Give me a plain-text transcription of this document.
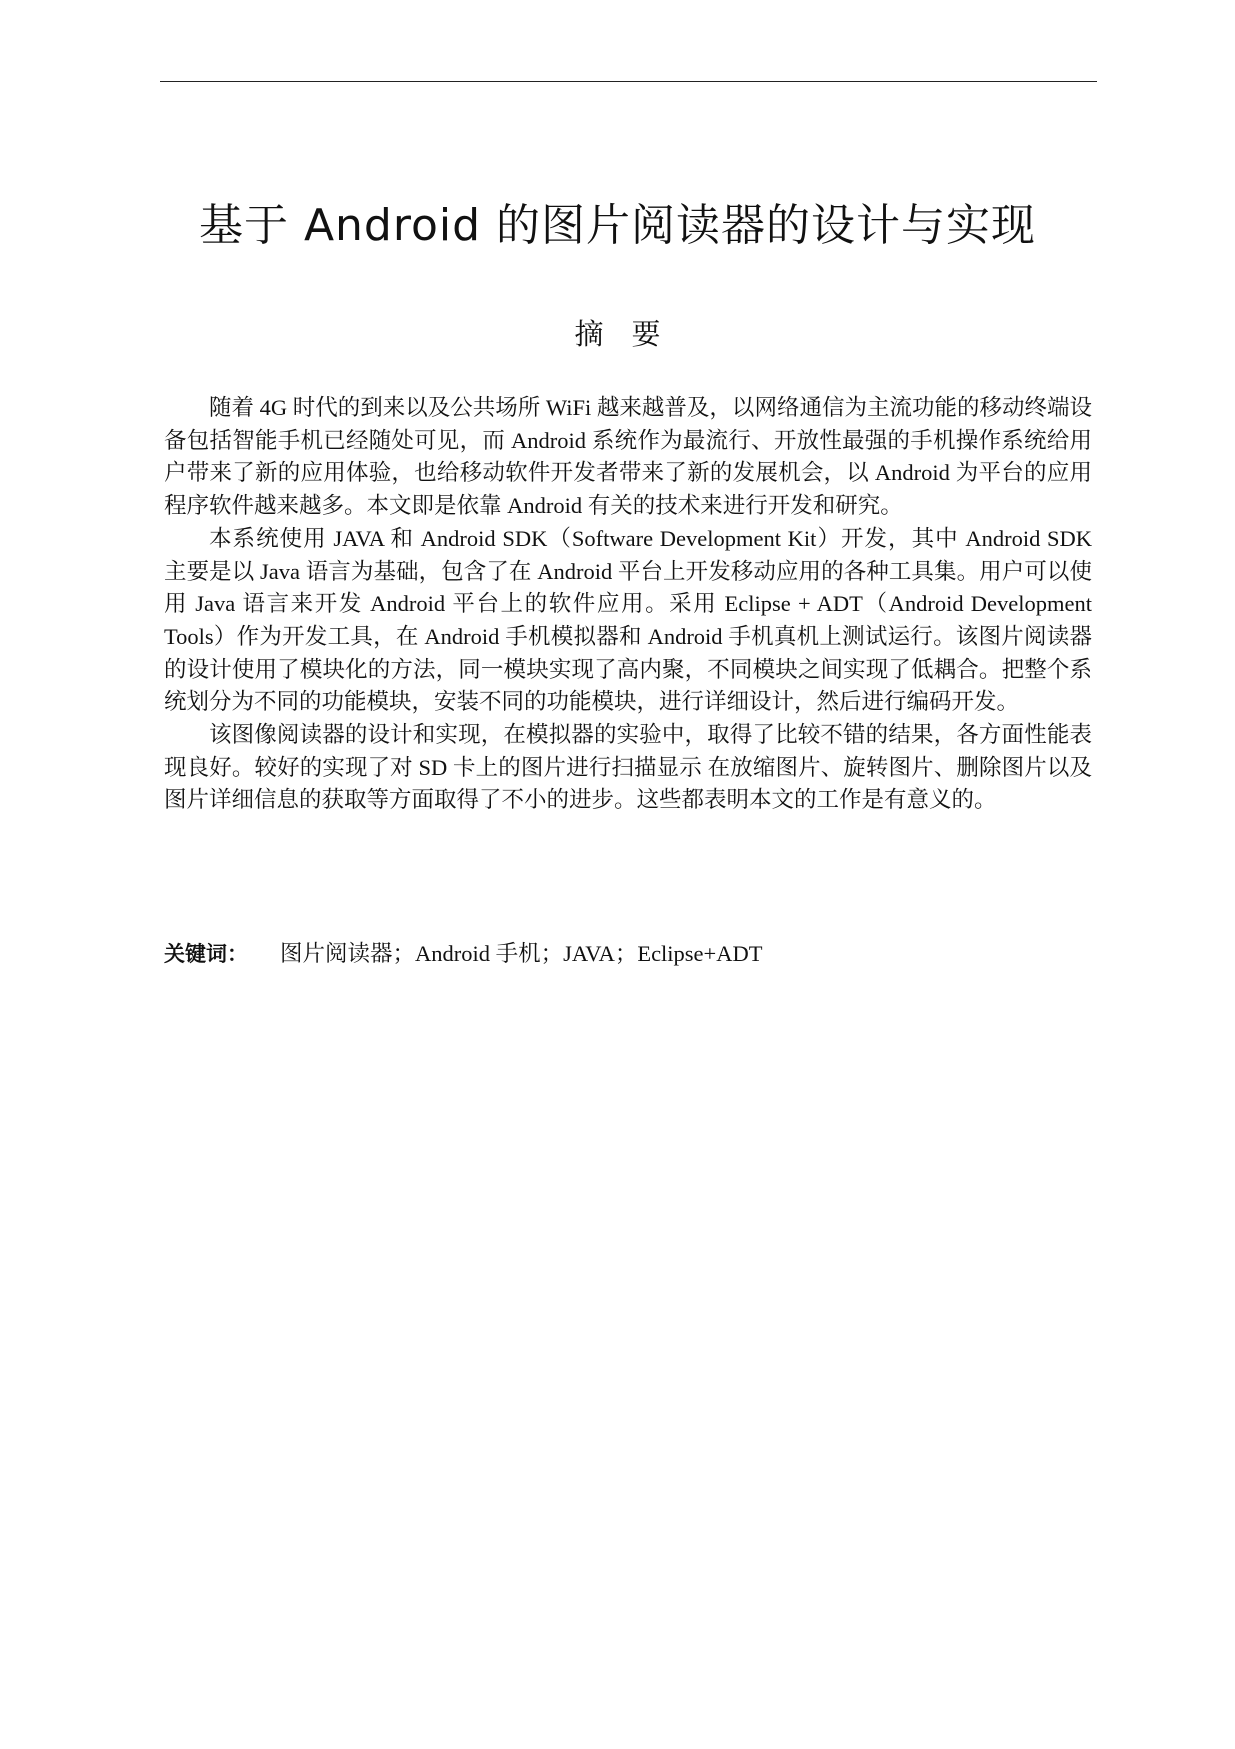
基于 Android 的图片阅读器的设计与实现
摘要

随着 4G 时代的到来以及公共场所 WiFi 越来越普及，以网络通信为主流功能的移动终端设备包括智能手机已经随处可见，而 Android 系统作为最流行、开放性最强的手机操作系统给用户带来了新的应用体验，也给移动软件开发者带来了新的发展机会，以 Android 为平台的应用程序软件越来越多。本文即是依靠 Android 有关的技术来进行开发和研究。

本系统使用 JAVA 和 Android SDK（Software Development Kit）开发，其中 Android SDK 主要是以 Java 语言为基础，包含了在 Android 平台上开发移动应用的各种工具集。用户可以使用 Java 语言来开发 Android 平台上的软件应用。采用 Eclipse + ADT（Android Development Tools）作为开发工具，在 Android 手机模拟器和 Android 手机真机上测试运行。该图片阅读器的设计使用了模块化的方法，同一模块实现了高内聚，不同模块之间实现了低耦合。把整个系统划分为不同的功能模块，安装不同的功能模块，进行详细设计，然后进行编码开发。

该图像阅读器的设计和实现，在模拟器的实验中，取得了比较不错的结果，各方面性能表现良好。较好的实现了对 SD 卡上的图片进行扫描显示 在放缩图片、旋转图片、删除图片以及图片详细信息的获取等方面取得了不小的进步。这些都表明本文的工作是有意义的。

关键词： 图片阅读器；Android 手机；JAVA；Eclipse+ADT
